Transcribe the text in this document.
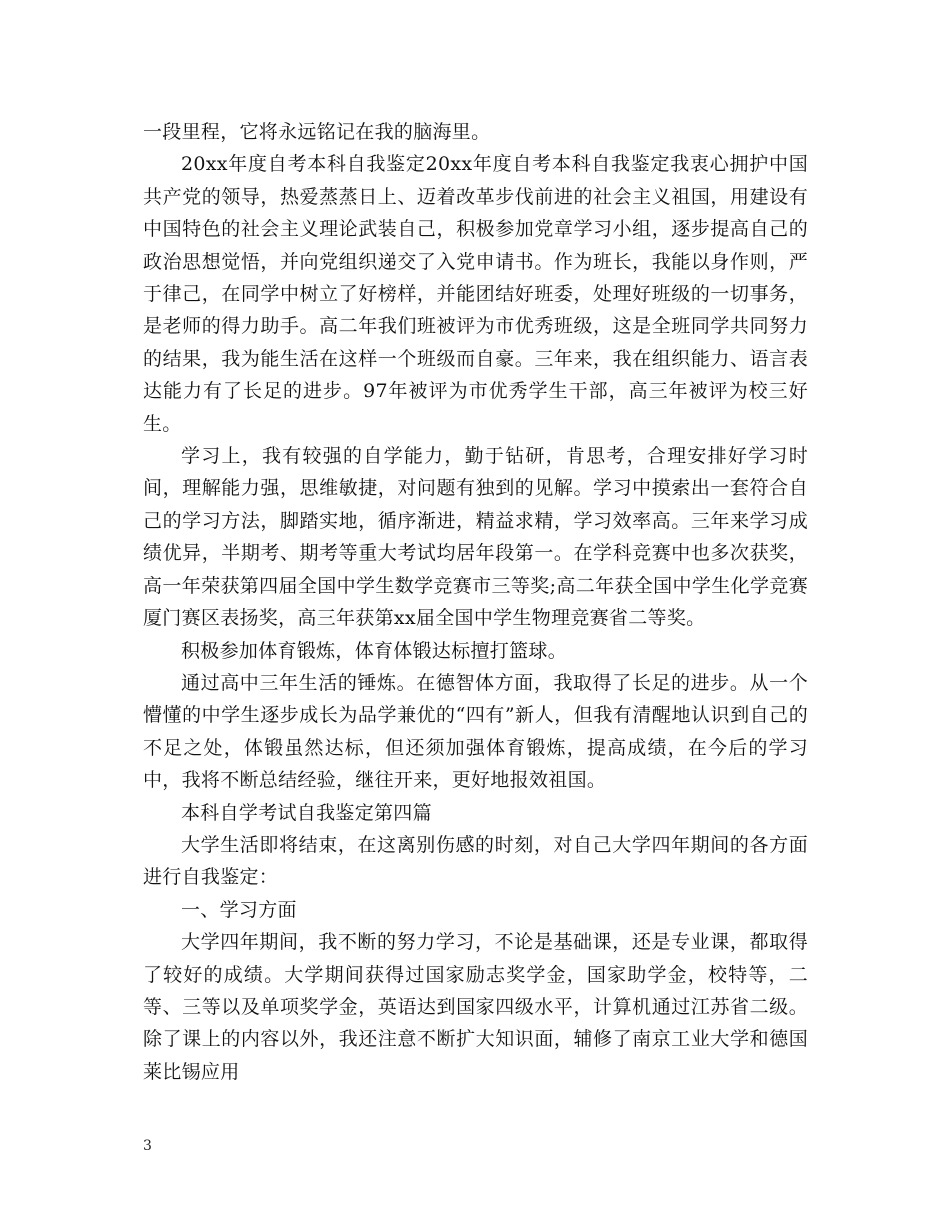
一段里程，它将永远铭记在我的脑海里。

20xx年度自考本科自我鉴定20xx年度自考本科自我鉴定我衷心拥护中国共产党的领导，热爱蒸蒸日上、迈着改革步伐前进的社会主义祖国，用建设有中国特色的社会主义理论武装自己，积极参加党章学习小组，逐步提高自己的政治思想觉悟，并向党组织递交了入党申请书。作为班长，我能以身作则，严于律己，在同学中树立了好榜样，并能团结好班委，处理好班级的一切事务，是老师的得力助手。高二年我们班被评为市优秀班级，这是全班同学共同努力的结果，我为能生活在这样一个班级而自豪。三年来，我在组织能力、语言表达能力有了长足的进步。97年被评为市优秀学生干部，高三年被评为校三好生。

学习上，我有较强的自学能力，勤于钻研，肯思考，合理安排好学习时间，理解能力强，思维敏捷，对问题有独到的见解。学习中摸索出一套符合自己的学习方法，脚踏实地，循序渐进，精益求精，学习效率高。三年来学习成绩优异，半期考、期考等重大考试均居年段第一。在学科竞赛中也多次获奖，高一年荣获第四届全国中学生数学竞赛市三等奖;高二年获全国中学生化学竞赛厦门赛区表扬奖，高三年获第xx届全国中学生物理竞赛省二等奖。

积极参加体育锻炼，体育体锻达标擅打篮球。

通过高中三年生活的锤炼。在德智体方面，我取得了长足的进步。从一个懵懂的中学生逐步成长为品学兼优的“四有”新人，但我有清醒地认识到自己的不足之处，体锻虽然达标，但还须加强体育锻炼，提高成绩，在今后的学习中，我将不断总结经验，继往开来，更好地报效祖国。

本科自学考试自我鉴定第四篇

大学生活即将结束，在这离别伤感的时刻，对自己大学四年期间的各方面进行自我鉴定：

一、学习方面

大学四年期间，我不断的努力学习，不论是基础课，还是专业课，都取得了较好的成绩。大学期间获得过国家励志奖学金，国家助学金，校特等，二等、三等以及单项奖学金，英语达到国家四级水平，计算机通过江苏省二级。除了课上的内容以外，我还注意不断扩大知识面，辅修了南京工业大学和德国莱比锡应用

3
